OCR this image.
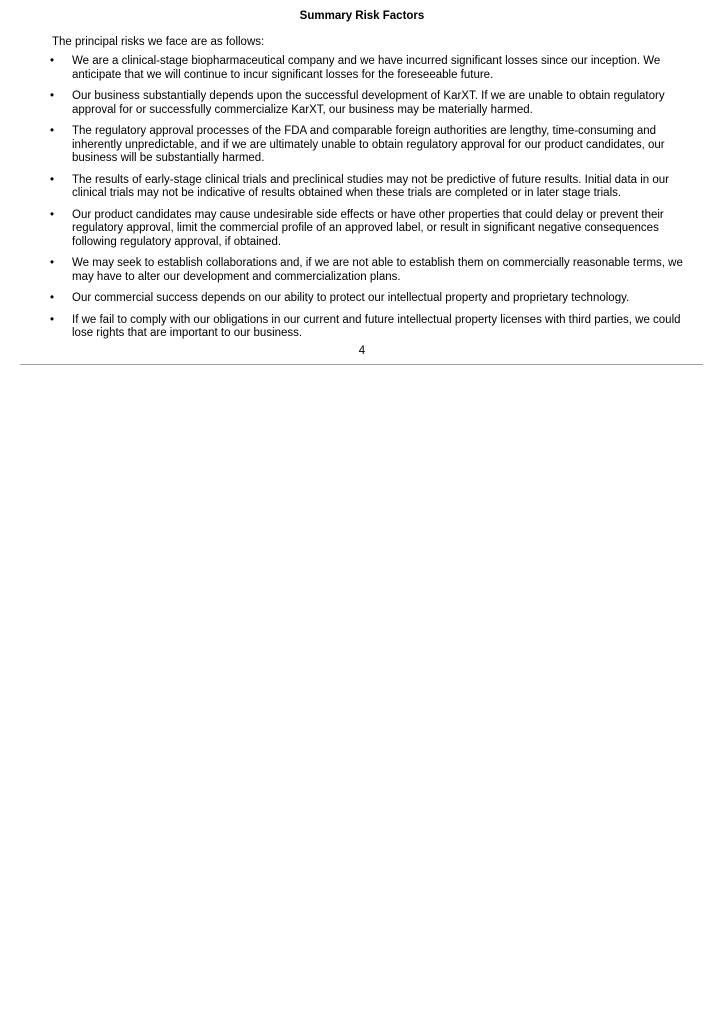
Summary Risk Factors
The principal risks we face are as follows:
•	We are a clinical-stage biopharmaceutical company and we have incurred significant losses since our inception. We anticipate that we will continue to incur significant losses for the foreseeable future.
•	Our business substantially depends upon the successful development of KarXT. If we are unable to obtain regulatory approval for or successfully commercialize KarXT, our business may be materially harmed.
•	The regulatory approval processes of the FDA and comparable foreign authorities are lengthy, time-consuming and inherently unpredictable, and if we are ultimately unable to obtain regulatory approval for our product candidates, our business will be substantially harmed.
•	The results of early-stage clinical trials and preclinical studies may not be predictive of future results. Initial data in our clinical trials may not be indicative of results obtained when these trials are completed or in later stage trials.
•	Our product candidates may cause undesirable side effects or have other properties that could delay or prevent their regulatory approval, limit the commercial profile of an approved label, or result in significant negative consequences following regulatory approval, if obtained.
•	We may seek to establish collaborations and, if we are not able to establish them on commercially reasonable terms, we may have to alter our development and commercialization plans.
•	Our commercial success depends on our ability to protect our intellectual property and proprietary technology.
•	If we fail to comply with our obligations in our current and future intellectual property licenses with third parties, we could lose rights that are important to our business.
4
